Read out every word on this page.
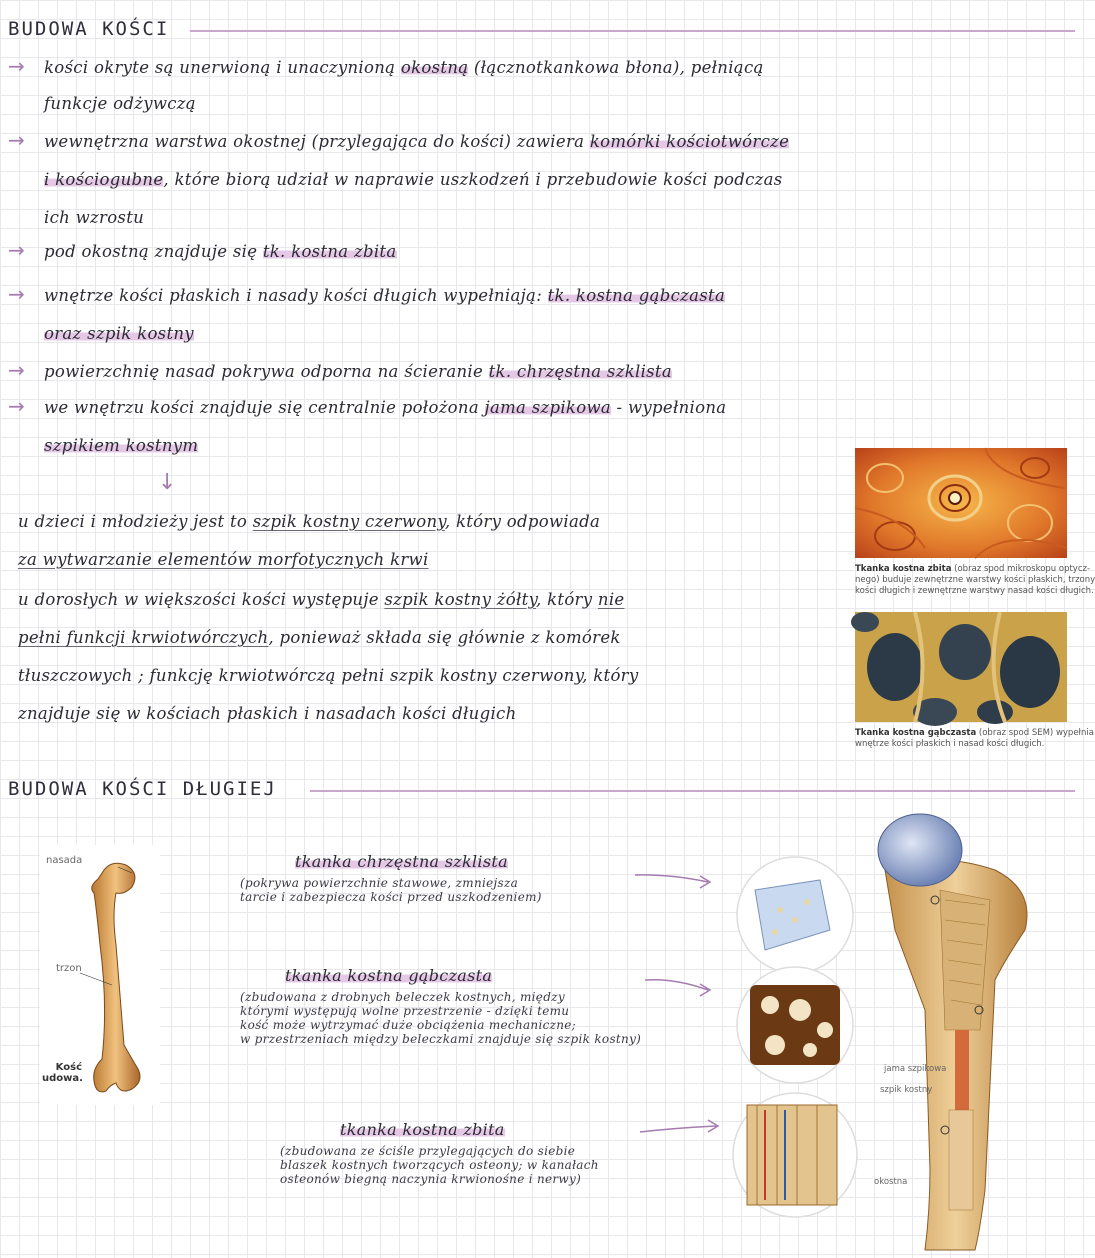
BUDOWA KOŚCI
→ kości okryte są unerwioną i unaczynioną okostną (łącznotkankowa błona), pełniącą
funkcje odżywczą
→ wewnętrzna warstwa okostnej (przylegająca do kości) zawiera komórki kościotwórcze
i kościogubne, które biorą udział w naprawie uszkodzeń i przebudowie kości podczas
ich wzrostu
→ pod okostną znajduje się tk. kostna zbita
→ wnętrze kości płaskich i nasady kości długich wypełniają: tk. kostna gąbczasta
oraz szpik kostny
→ powierzchnię nasad pokrywa odporna na ścieranie tk. chrzęstna szklista
→ we wnętrzu kości znajduje się centralnie położona jama szpikowa - wypełniona
szpikiem kostnym
u dzieci i młodzieży jest to szpik kostny czerwony, który odpowiada
za wytwarzanie elementów morfotycznych krwi
u dorosłych w większości kości występuje szpik kostny żółty, który nie
pełni funkcji krwiotwórczych, ponieważ składa się głównie z komórek
tłuszczowych ; funkcję krwiotwórczą pełni szpik kostny czerwony, który
znajduje się w kościach płaskich i nasadach kości długich
↓
Tkanka kostna zbita (obraz spod mikroskopu optycz-
nego) buduje zewnętrzne warstwy kości płaskich, trzony
kości długich i zewnętrzne warstwy nasad kości długich.
Tkanka kostna gąbczasta (obraz spod SEM) wypełnia
wnętrze kości płaskich i nasad kości długich.
BUDOWA KOŚCI DŁUGIEJ
nasada
trzon
Kość
udowa.
tkanka chrzęstna szklista
(pokrywa powierzchnie stawowe, zmniejsza
tarcie i zabezpiecza kości przed uszkodzeniem)
tkanka kostna gąbczasta
(zbudowana z drobnych beleczek kostnych, między
którymi występują wolne przestrzenie - dzięki temu
kość może wytrzymać duże obciążenia mechaniczne;
w przestrzeniach między beleczkami znajduje się szpik kostny)
tkanka kostna zbita
(zbudowana ze ściśle przylegających do siebie
blaszek kostnych tworzących osteony; w kanałach
osteonów biegną naczynia krwionośne i nerwy)
jama szpikowa
szpik kostny
okostna
